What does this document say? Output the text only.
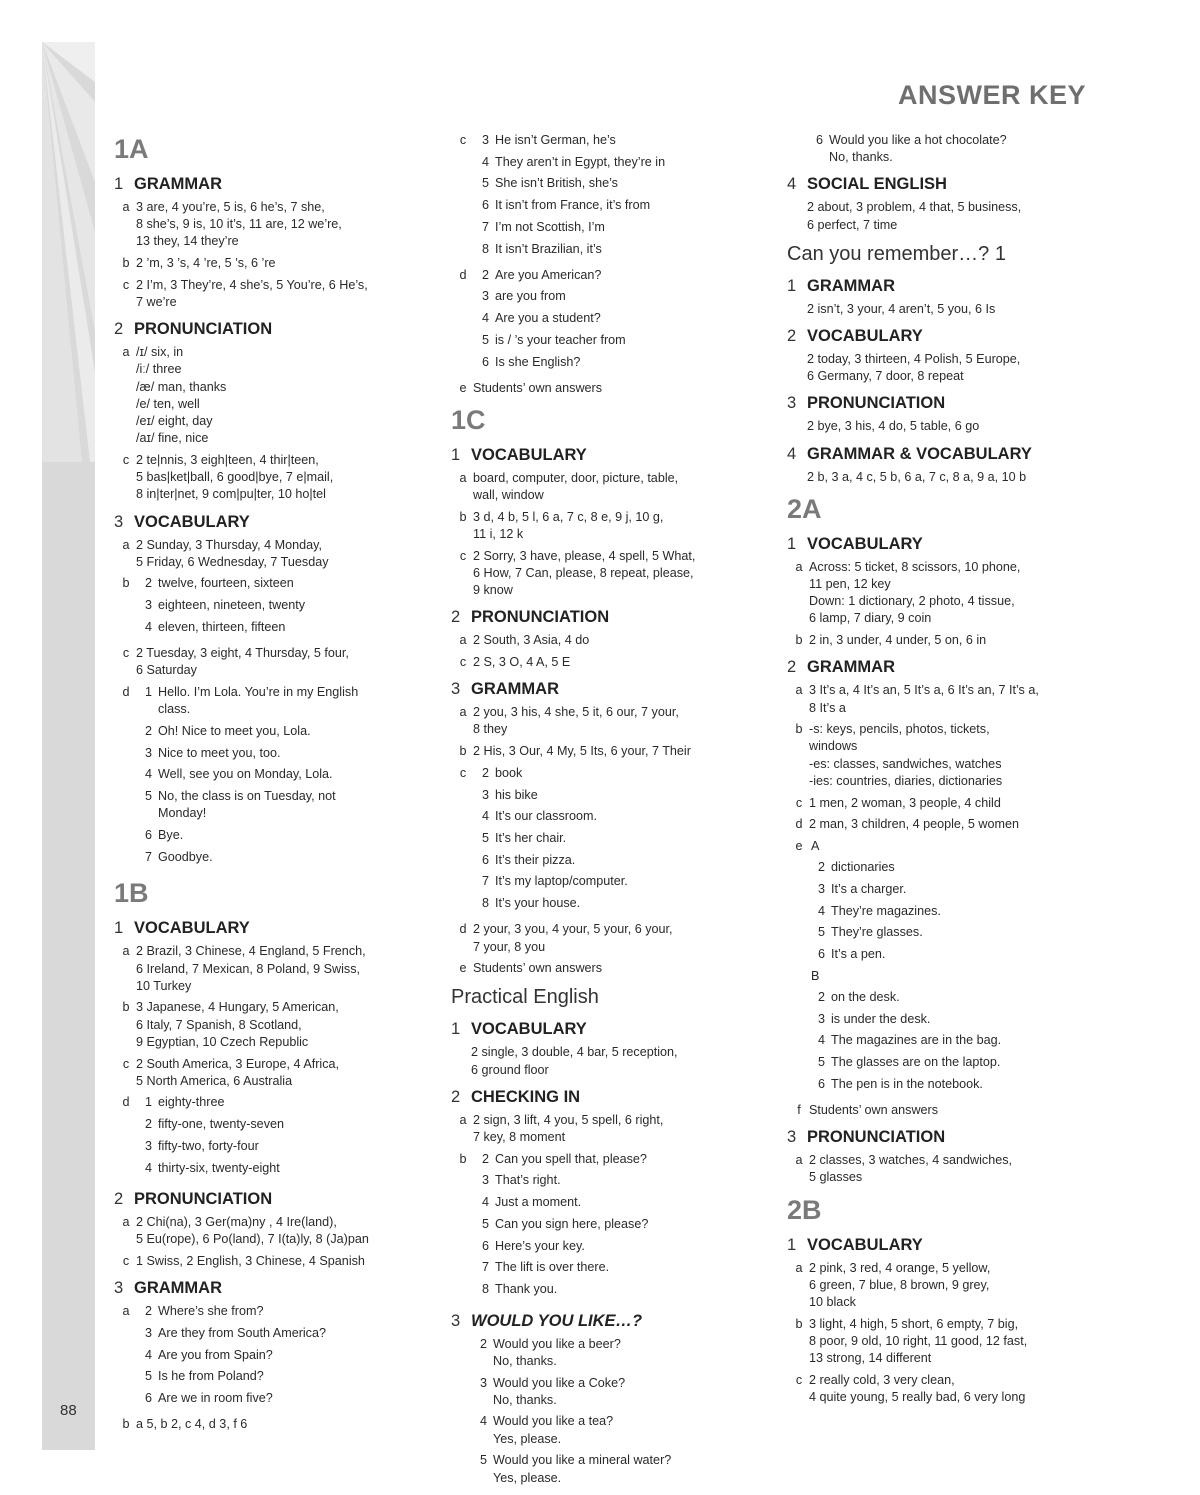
88
ANSWER KEY
1A
1 GRAMMAR
a 3 are, 4 you’re, 5 is, 6 he’s, 7 she,
8 she’s, 9 is, 10 it’s, 11 are, 12 we’re,
13 they, 14 they’re
b 2 ’m, 3 ’s, 4 ’re, 5 ’s, 6 ’re
c 2 I’m, 3 They’re, 4 she’s, 5 You’re, 6 He’s,
7 we’re
2 PRONUNCIATION
a /ɪ/ six, in
/iː/ three
/æ/ man, thanks
/e/ ten, well
/eɪ/ eight, day
/aɪ/ fine, nice
c 2 te|nnis, 3 eigh|teen, 4 thir|teen,
5 bas|ket|ball, 6 good|bye, 7 e|mail,
8 in|ter|net, 9 com|pu|ter, 10 ho|tel
3 VOCABULARY
a 2 Sunday, 3 Thursday, 4 Monday,
5 Friday, 6 Wednesday, 7 Tuesday
b	2 twelve, fourteen, sixteen
3 eighteen, nineteen, twenty
4 eleven, thirteen, fifteen
c 2 Tuesday, 3 eight, 4 Thursday, 5 four,
6 Saturday
d	1 Hello. I’m Lola. You’re in my English
class.
2 Oh! Nice to meet you, Lola.
3 Nice to meet you, too.
4 Well, see you on Monday, Lola.
5 No, the class is on Tuesday, not
Monday!
6 Bye.
7 Goodbye.
1B
1 VOCABULARY
a 2 Brazil, 3 Chinese, 4 England, 5 French,
6 Ireland, 7 Mexican, 8 Poland, 9 Swiss,
10 Turkey
b 3 Japanese, 4 Hungary, 5 American,
6 Italy, 7 Spanish, 8 Scotland,
9 Egyptian, 10 Czech Republic
c 2 South America, 3 Europe, 4 Africa,
5 North America, 6 Australia
d	1 eighty-three
2 fifty-one, twenty-seven
3 fifty-two, forty-four
4 thirty-six, twenty-eight
2 PRONUNCIATION
a 2 Chi(na), 3 Ger(ma)ny , 4 Ire(land),
5 Eu(rope), 6 Po(land), 7 I(ta)ly, 8 (Ja)pan
c 1 Swiss, 2 English, 3 Chinese, 4 Spanish
3 GRAMMAR
a	2 Where’s she from?
3 Are they from South America?
4 Are you from Spain?
5 Is he from Poland?
6 Are we in room five?
b a 5, b 2, c 4, d 3, f 6
c	3 He isn’t German, he’s
4 They aren’t in Egypt, they’re in
5 She isn’t British, she’s
6 It isn’t from France, it’s from
7 I’m not Scottish, I’m
8 It isn’t Brazilian, it’s
d	2 Are you American?
3 are you from
4 Are you a student?
5 is / ’s your teacher from
6 Is she English?
e Students’ own answers
1C
1 VOCABULARY
a board, computer, door, picture, table,
wall, window
b 3 d, 4 b, 5 l, 6 a, 7 c, 8 e, 9 j, 10 g,
11 i, 12 k
c 2 Sorry, 3 have, please, 4 spell, 5 What,
6 How, 7 Can, please, 8 repeat, please,
9 know
2 PRONUNCIATION
a 2 South, 3 Asia, 4 do
c 2 S, 3 O, 4 A, 5 E
3 GRAMMAR
a 2 you, 3 his, 4 she, 5 it, 6 our, 7 your,
8 they
b 2 His, 3 Our, 4 My, 5 Its, 6 your, 7 Their
c	2 book
3 his bike
4 It’s our classroom.
5 It’s her chair.
6 It’s their pizza.
7 It’s my laptop/computer.
8 It’s your house.
d 2 your, 3 you, 4 your, 5 your, 6 your,
7 your, 8 you
e Students’ own answers
Practical English
1 VOCABULARY
2 single, 3 double, 4 bar, 5 reception,
6 ground floor
2 CHECKING IN
a 2 sign, 3 lift, 4 you, 5 spell, 6 right,
7 key, 8 moment
b	2 Can you spell that, please?
3 That’s right.
4 Just a moment.
5 Can you sign here, please?
6 Here’s your key.
7 The lift is over there.
8 Thank you.
3 WOULD YOU LIKE…?
2 Would you like a beer?
No, thanks.
3 Would you like a Coke?
No, thanks.
4 Would you like a tea?
Yes, please.
5 Would you like a mineral water?
Yes, please.
6 Would you like a hot chocolate?
No, thanks.
4 SOCIAL ENGLISH
2 about, 3 problem, 4 that, 5 business,
6 perfect, 7 time
Can you remember…? 1
1 GRAMMAR
2 isn’t, 3 your, 4 aren’t, 5 you, 6 Is
2 VOCABULARY
2 today, 3 thirteen, 4 Polish, 5 Europe,
6 Germany, 7 door, 8 repeat
3 PRONUNCIATION
2 bye, 3 his, 4 do, 5 table, 6 go
4 GRAMMAR & VOCABULARY
2 b, 3 a, 4 c, 5 b, 6 a, 7 c, 8 a, 9 a, 10 b
2A
1 VOCABULARY
a Across: 5 ticket, 8 scissors, 10 phone,
11 pen, 12 key
Down: 1 dictionary, 2 photo, 4 tissue,
6 lamp, 7 diary, 9 coin
b 2 in, 3 under, 4 under, 5 on, 6 in
2 GRAMMAR
a 3 It’s a, 4 It’s an, 5 It’s a, 6 It’s an, 7 It’s a,
8 It’s a
b -s: keys, pencils, photos, tickets,
windows
-es: classes, sandwiches, watches
-ies: countries, diaries, dictionaries
c 1 men, 2 woman, 3 people, 4 child
d 2 man, 3 children, 4 people, 5 women
e A
2 dictionaries
3 It’s a charger.
4 They’re magazines.
5 They’re glasses.
6 It’s a pen.
B
2 on the desk.
3 is under the desk.
4 The magazines are in the bag.
5 The glasses are on the laptop.
6 The pen is in the notebook.
f Students’ own answers
3 PRONUNCIATION
a 2 classes, 3 watches, 4 sandwiches,
5 glasses
2B
1 VOCABULARY
a 2 pink, 3 red, 4 orange, 5 yellow,
6 green, 7 blue, 8 brown, 9 grey,
10 black
b 3 light, 4 high, 5 short, 6 empty, 7 big,
8 poor, 9 old, 10 right, 11 good, 12 fast,
13 strong, 14 different
c 2 really cold, 3 very clean,
4 quite young, 5 really bad, 6 very long
